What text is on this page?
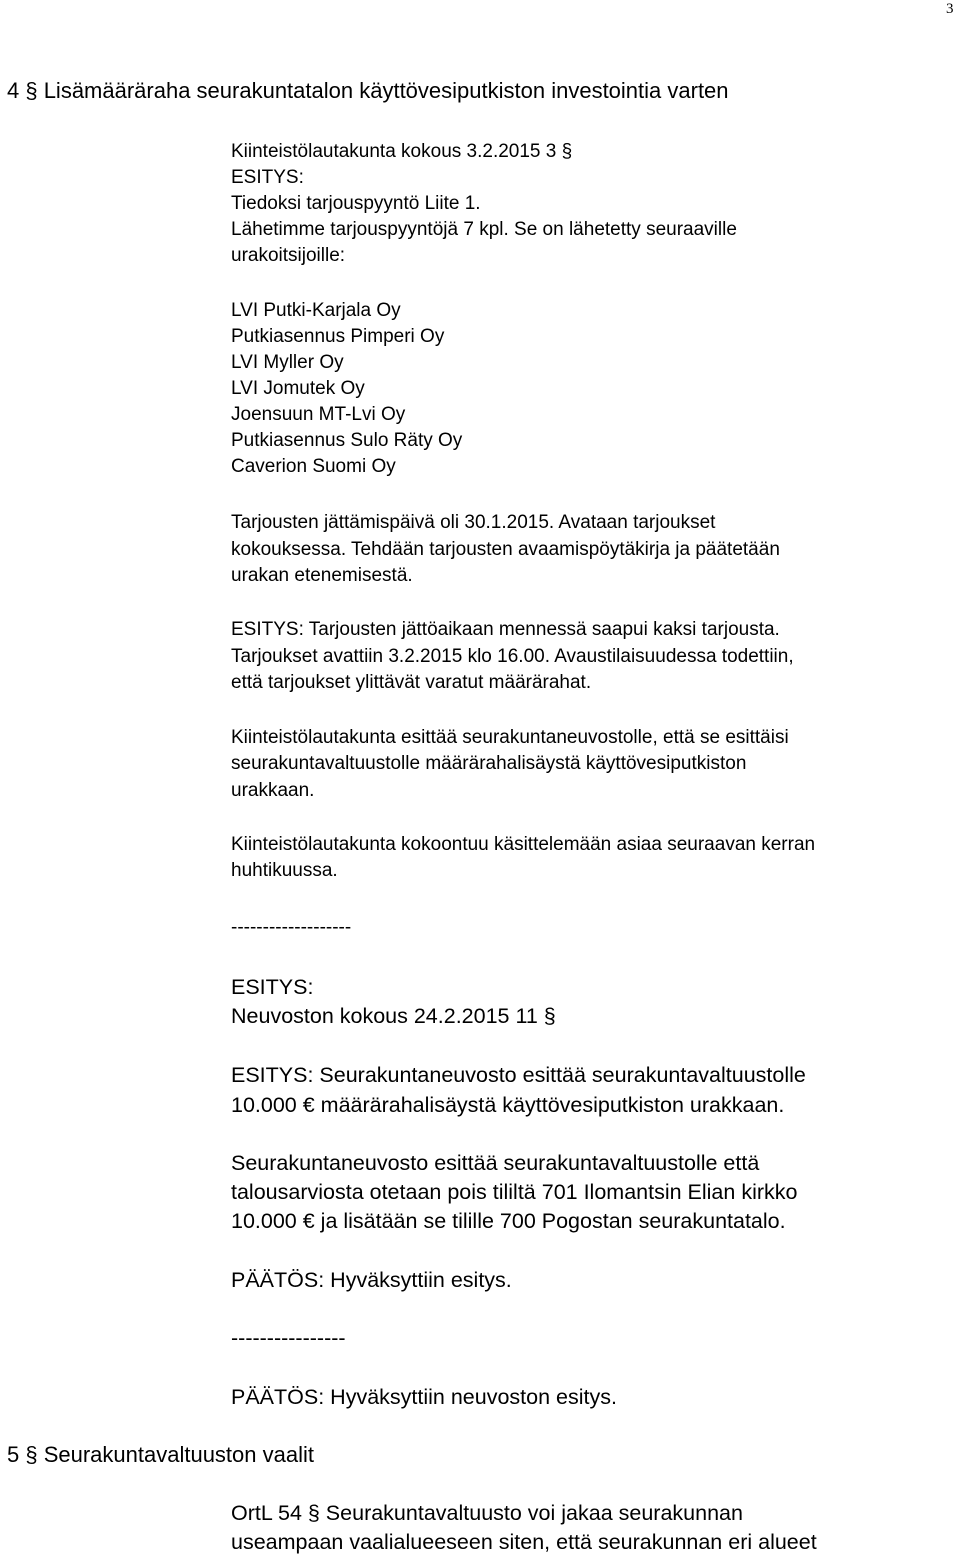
3
4 § Lisämääräraha seurakuntatalon käyttövesiputkiston investointia varten
Kiinteistölautakunta kokous 3.2.2015 3 §
ESITYS:
Tiedoksi tarjouspyyntö Liite 1.
Lähetimme tarjouspyyntöjä 7 kpl. Se on lähetetty seuraaville
urakoitsijoille:
LVI Putki-Karjala Oy
Putkiasennus Pimperi Oy
LVI Myller Oy
LVI Jomutek Oy
Joensuun MT-Lvi Oy
Putkiasennus Sulo Räty Oy
Caverion Suomi Oy
Tarjousten jättämispäivä oli 30.1.2015. Avataan tarjoukset
kokouksessa. Tehdään tarjousten avaamispöytäkirja ja päätetään
urakan etenemisestä.
ESITYS: Tarjousten jättöaikaan mennessä saapui kaksi tarjousta.
Tarjoukset avattiin 3.2.2015 klo 16.00. Avaustilaisuudessa todettiin,
että tarjoukset ylittävät varatut määrärahat.
Kiinteistölautakunta esittää seurakuntaneuvostolle, että se esittäisi
seurakuntavaltuustolle määrärahalisäystä käyttövesiputkiston
urakkaan.
Kiinteistölautakunta kokoontuu käsittelemään asiaa seuraavan kerran
huhtikuussa.
-------------------
ESITYS:
Neuvoston kokous 24.2.2015 11 §
ESITYS: Seurakuntaneuvosto esittää seurakuntavaltuustolle
10.000 € määrärahalisäystä käyttövesiputkiston urakkaan.
Seurakuntaneuvosto esittää seurakuntavaltuustolle että
talousarviosta otetaan pois tililtä 701 Ilomantsin Elian kirkko
10.000 € ja lisätään se tilille 700 Pogostan seurakuntatalo.
PÄÄTÖS: Hyväksyttiin esitys.
----------------
PÄÄTÖS: Hyväksyttiin neuvoston esitys.
5 § Seurakuntavaltuuston vaalit
OrtL 54 § Seurakuntavaltuusto voi jakaa seurakunnan
useampaan vaalialueeseen siten, että seurakunnan eri alueet
